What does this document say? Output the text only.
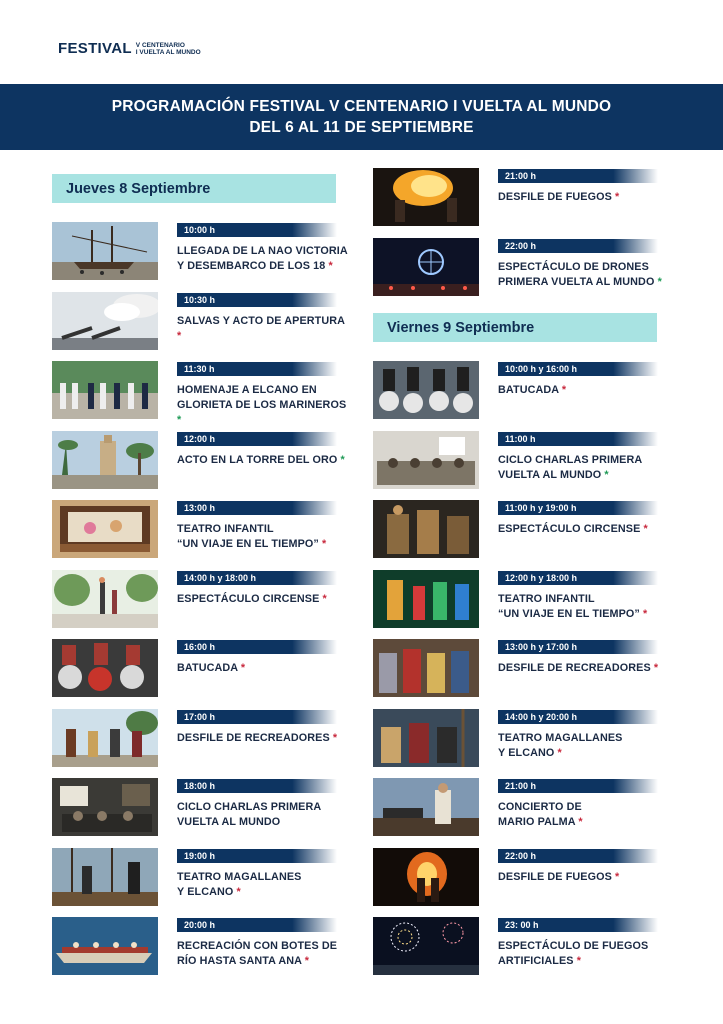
FESTIVAL V CENTENARIO
I VUELTA AL MUNDO
PROGRAMACIÓN FESTIVAL V CENTENARIO I VUELTA AL MUNDO
DEL 6 AL 11 DE SEPTIEMBRE
Jueves 8 Septiembre
Viernes 9 Septiembre
10:00 h
LLEGADA DE LA NAO VICTORIA
Y DESEMBARCO DE LOS 18 *
10:30 h
SALVAS Y ACTO DE APERTURA *
11:30 h
HOMENAJE A ELCANO EN
GLORIETA DE LOS MARINEROS *
12:00 h
ACTO EN LA TORRE DEL ORO *
13:00 h
TEATRO INFANTIL
“UN VIAJE EN EL TIEMPO” *
14:00 h y 18:00 h
ESPECTÁCULO CIRCENSE *
16:00 h
BATUCADA *
17:00 h
DESFILE DE RECREADORES *
18:00 h
CICLO CHARLAS PRIMERA
VUELTA AL MUNDO
19:00 h
TEATRO MAGALLANES
Y ELCANO *
20:00 h
RECREACIÓN CON BOTES DE
RÍO HASTA SANTA ANA *
21:00 h
DESFILE DE FUEGOS *
22:00 h
ESPECTÁCULO DE DRONES
PRIMERA VUELTA AL MUNDO *
10:00 h y 16:00 h
BATUCADA *
11:00 h
CICLO CHARLAS PRIMERA
VUELTA AL MUNDO *
11:00 h y 19:00 h
ESPECTÁCULO CIRCENSE *
12:00 h y 18:00 h
TEATRO INFANTIL
“UN VIAJE EN EL TIEMPO” *
13:00 h y 17:00 h
DESFILE DE RECREADORES *
14:00 h y 20:00 h
TEATRO MAGALLANES
Y ELCANO *
21:00 h
CONCIERTO DE
MARIO PALMA *
22:00 h
DESFILE DE FUEGOS *
23: 00 h
ESPECTÁCULO DE FUEGOS
ARTIFICIALES *
